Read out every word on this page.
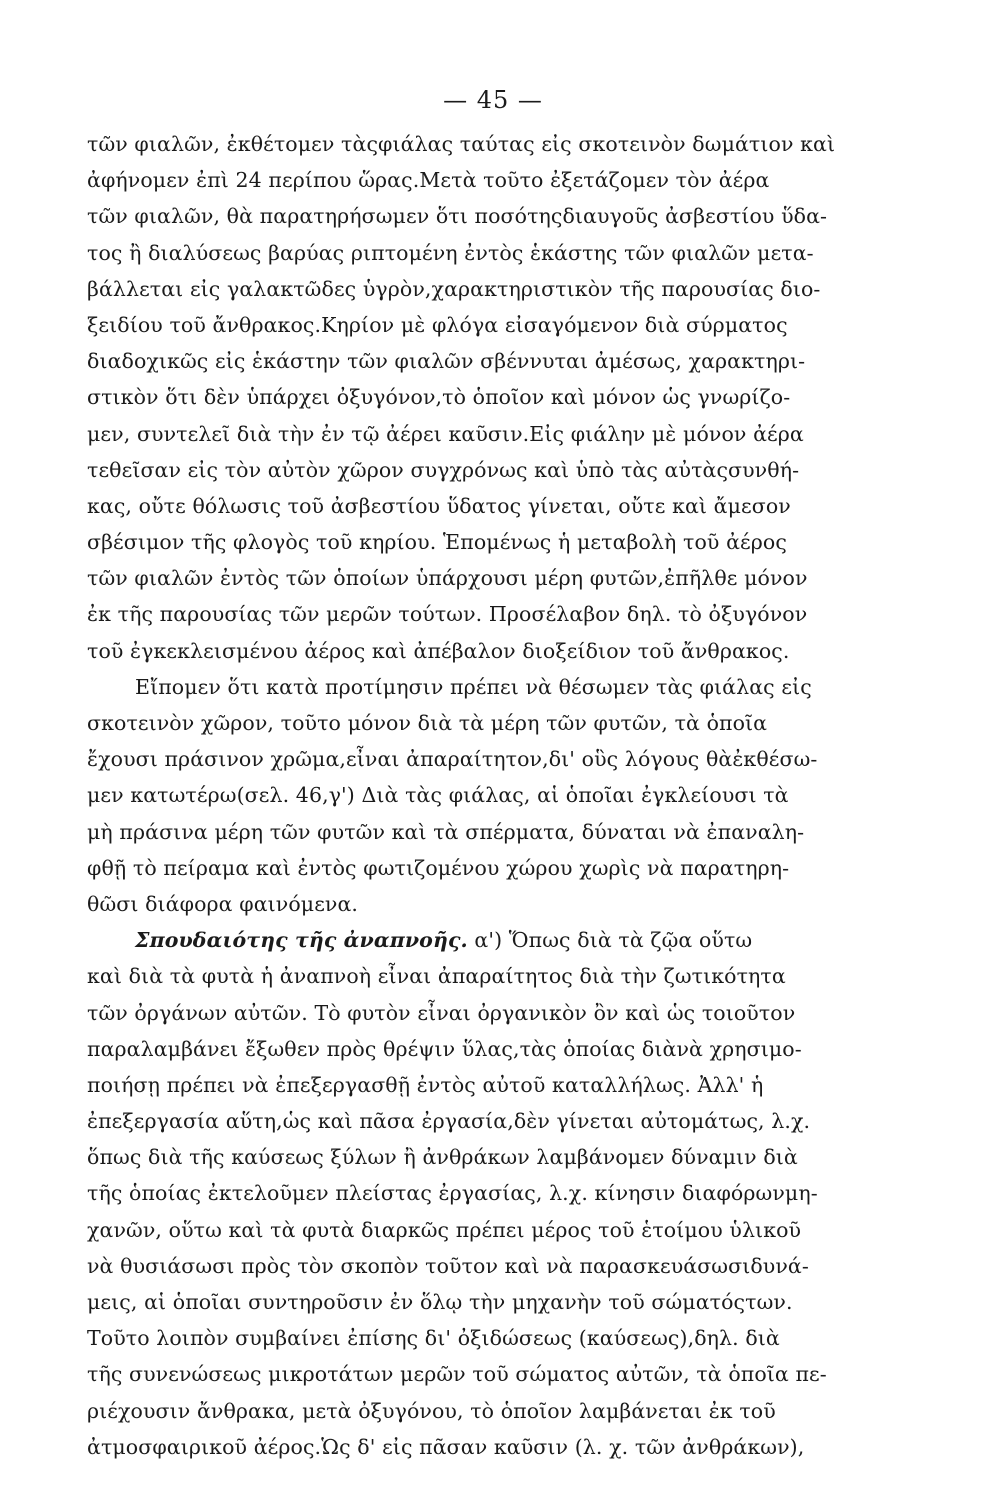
— 45 —
τῶν φιαλῶν, ἐκθέτομεν τὰςφιάλας ταύτας εἰς σκοτεινὸν δωμάτιον καὶ
ἀφήνομεν ἐπὶ 24 περίπου ὥρας.Μετὰ τοῦτο ἐξετάζομεν τὸν ἀέρα
τῶν φιαλῶν, θὰ παρατηρήσωμεν ὅτι ποσότηςδιαυγοῦς ἀσβεστίου ὕδα-
τος ἢ διαλύσεως βαρύας ριπτομένη ἐντὸς ἑκάστης τῶν φιαλῶν μετα-
βάλλεται εἰς γαλακτῶδες ὑγρὸν,χαρακτηριστικὸν τῆς παρουσίας διο-
ξειδίου τοῦ ἄνθρακος.Κηρίον μὲ φλόγα εἰσαγόμενον διὰ σύρματος
διαδοχικῶς εἰς ἑκάστην τῶν φιαλῶν σβέννυται ἀμέσως, χαρακτηρι-
στικὸν ὅτι δὲν ὑπάρχει ὀξυγόνον,τὸ ὁποῖον καὶ μόνον ὡς γνωρίζο-
μεν, συντελεῖ διὰ τὴν ἐν τῷ ἀέρει καῦσιν.Εἰς φιάλην μὲ μόνον ἀέρα
τεθεῖσαν εἰς τὸν αὐτὸν χῶρον συγχρόνως καὶ ὑπὸ τὰς αὐτὰςσυνθή-
κας, οὔτε θόλωσις τοῦ ἀσβεστίου ὕδατος γίνεται, οὔτε καὶ ἄμεσον
σβέσιμον τῆς φλογὸς τοῦ κηρίου. Ἑπομένως ἡ μεταβολὴ τοῦ ἀέρος
τῶν φιαλῶν ἐντὸς τῶν ὁποίων ὑπάρχουσι μέρη φυτῶν,ἐπῆλθε μόνον
ἐκ τῆς παρουσίας τῶν μερῶν τούτων. Προσέλαβον δηλ. τὸ ὀξυγόνον
τοῦ ἐγκεκλεισμένου ἀέρος καὶ ἀπέβαλον διοξείδιον τοῦ ἄνθρακος.
Εἴπομεν ὅτι κατὰ προτίμησιν πρέπει νὰ θέσωμεν τὰς φιάλας εἰς
σκοτεινὸν χῶρον, τοῦτο μόνον διὰ τὰ μέρη τῶν φυτῶν, τὰ ὁποῖα
ἔχουσι πράσινον χρῶμα,εἶναι ἀπαραίτητον,δι' οὓς λόγους θὰἐκθέσω-
μεν κατωτέρω(σελ. 46,γ') Διὰ τὰς φιάλας, αἱ ὁποῖαι ἐγκλείουσι τὰ
μὴ πράσινα μέρη τῶν φυτῶν καὶ τὰ σπέρματα, δύναται νὰ ἐπαναλη-
φθῇ τὸ πείραμα καὶ ἐντὸς φωτιζομένου χώρου χωρὶς νὰ παρατηρη-
θῶσι διάφορα φαινόμενα.
Σπουδαιότης τῆς ἀναπνοῆς. α') Ὅπως διὰ τὰ ζῷα οὕτω
καὶ διὰ τὰ φυτὰ ἡ ἀναπνοὴ εἶναι ἀπαραίτητος διὰ τὴν ζωτικότητα
τῶν ὀργάνων αὐτῶν. Τὸ φυτὸν εἶναι ὀργανικὸν ὂν καὶ ὡς τοιοῦτον
παραλαμβάνει ἔξωθεν πρὸς θρέψιν ὕλας,τὰς ὁποίας διὰνὰ χρησιμο-
ποιήσῃ πρέπει νὰ ἐπεξεργασθῇ ἐντὸς αὐτοῦ καταλλήλως. Ἀλλ' ἡ
ἐπεξεργασία αὕτη,ὡς καὶ πᾶσα ἐργασία,δὲν γίνεται αὐτομάτως, λ.χ.
ὅπως διὰ τῆς καύσεως ξύλων ἢ ἀνθράκων λαμβάνομεν δύναμιν διὰ
τῆς ὁποίας ἐκτελοῦμεν πλείστας ἐργασίας, λ.χ. κίνησιν διαφόρωνμη-
χανῶν, οὕτω καὶ τὰ φυτὰ διαρκῶς πρέπει μέρος τοῦ ἑτοίμου ὑλικοῦ
νὰ θυσιάσωσι πρὸς τὸν σκοπὸν τοῦτον καὶ νὰ παρασκευάσωσιδυνά-
μεις, αἱ ὁποῖαι συντηροῦσιν ἐν ὅλῳ τὴν μηχανὴν τοῦ σώματόςτων.
Τοῦτο λοιπὸν συμβαίνει ἐπίσης δι' ὀξιδώσεως (καύσεως),δηλ. διὰ
τῆς συνενώσεως μικροτάτων μερῶν τοῦ σώματος αὐτῶν, τὰ ὁποῖα πε-
ριέχουσιν ἄνθρακα, μετὰ ὀξυγόνου, τὸ ὁποῖον λαμβάνεται ἐκ τοῦ
ἀτμοσφαιρικοῦ ἀέρος.Ὡς δ' εἰς πᾶσαν καῦσιν (λ. χ. τῶν ἀνθράκων),
